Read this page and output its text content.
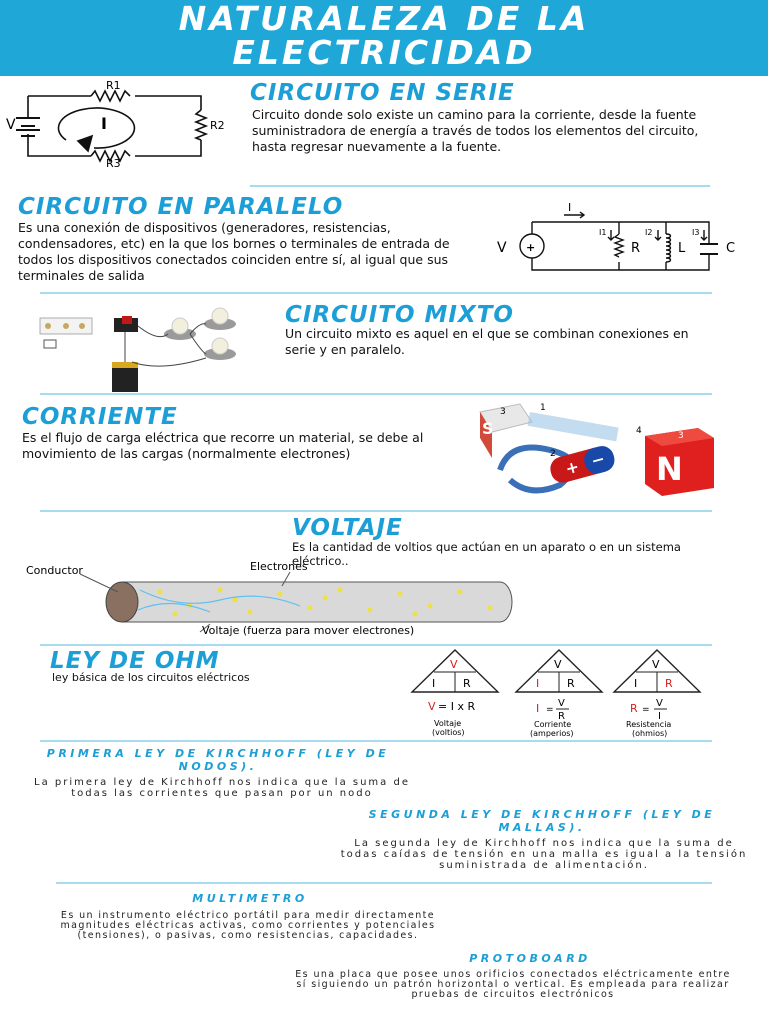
NATURALEZA DE LA
ELECTRICIDAD
R1
R2
R3
V	I
CIRCUITO EN SERIE
Circuito donde solo existe un camino para la corriente, desde la fuente suministradora de energía a través de todos los elementos del circuito, hasta regresar nuevamente a la fuente.
CIRCUITO EN PARALELO
Es una conexión de dispositivos (generadores, resistencias, condensadores, etc) en la que los bornes o terminales de entrada de todos los dispositivos conectados coinciden entre sí, al igual que sus terminales de salida
+
V
I
I1	I2	I3
R	L	C
CIRCUITO MIXTO
Un circuito mixto es aquel en el que se combinan conexiones en serie y en paralelo.
CORRIENTE
Es el flujo de carga eléctrica que recorre un material, se debe al movimiento de las cargas (normalmente electrones)
S
+ − N
1
2
3
3
4
VOLTAJE
Es la cantidad de voltios que actúan en un aparato o en un sistema eléctrico..
Conductor	Electrones
Voltaje (fuerza para mover electrones)
LEY DE OHM
ley básica de los circuitos eléctricos
V
I	R
V = I x R
Voltaje
(voltios)
V
I	R
I =
V
R
Corriente
(amperios)
V
I	R
R =
V
I
Resistencia
(ohmios)
PRIMERA LEY DE KIRCHHOFF (LEY DE NODOS).
La primera ley de Kirchhoff nos indica que la suma de todas las corrientes que pasan por un nodo
SEGUNDA LEY DE KIRCHHOFF (LEY DE MALLAS).
La segunda ley de Kirchhoff nos indica que la suma de todas caídas de tensión en una malla es igual a la tensión suministrada de alimentación.
MULTIMETRO
Es un instrumento eléctrico portátil para medir directamente magnitudes eléctricas activas, como corrientes y potenciales (tensiones), o pasivas, como resistencias, capacidades.
PROTOBOARD
Es una placa que posee unos orificios conectados eléctricamente entre sí siguiendo un patrón horizontal o vertical. Es empleada para realizar pruebas de circuitos electrónicos
